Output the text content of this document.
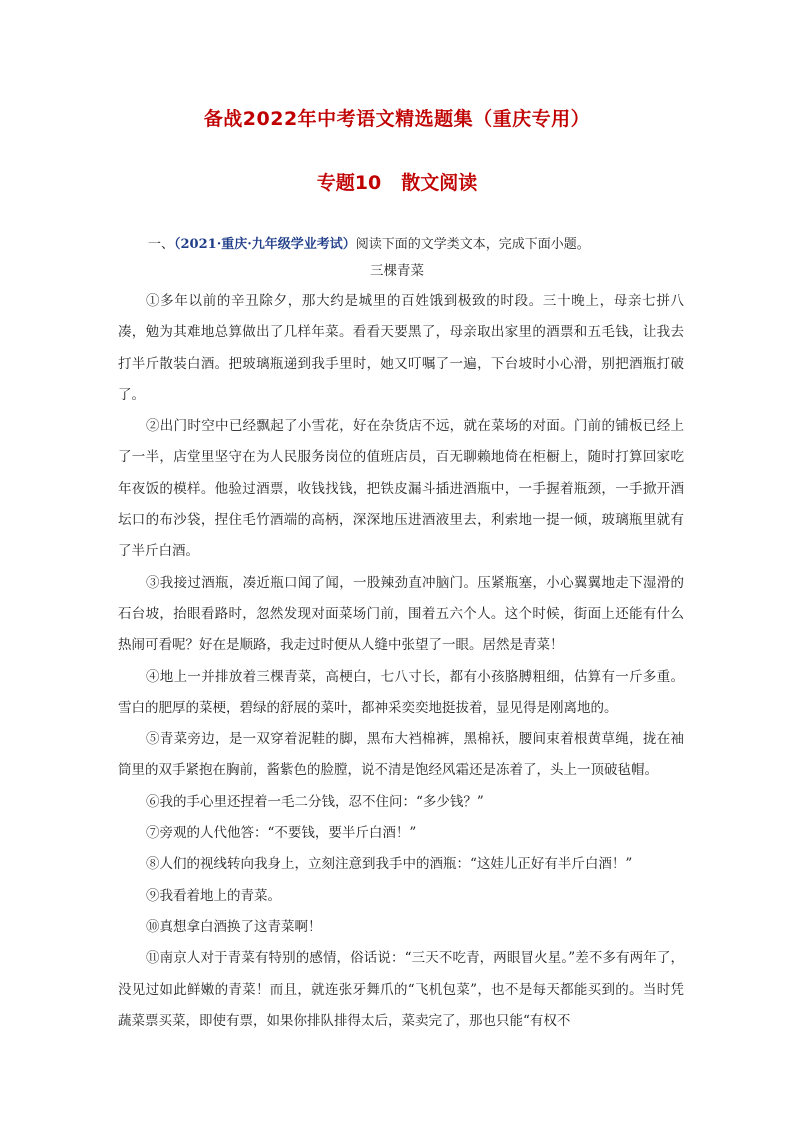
备战2022年中考语文精选题集（重庆专用）
专题10 散文阅读
一、（2021·重庆·九年级学业考试）阅读下面的文学类文本，完成下面小题。
三棵青菜

①多年以前的辛丑除夕，那大约是城里的百姓饿到极致的时段。三十晚上，母亲七拼八凑，勉为其难地总算做出了几样年菜。看看天要黑了，母亲取出家里的酒票和五毛钱，让我去打半斤散装白酒。把玻璃瓶递到我手里时，她又叮嘱了一遍，下台坡时小心滑，别把酒瓶打破了。

②出门时空中已经飘起了小雪花，好在杂货店不远，就在菜场的对面。门前的铺板已经上了一半，店堂里坚守在为人民服务岗位的值班店员，百无聊赖地倚在柜橱上，随时打算回家吃年夜饭的模样。他验过酒票，收钱找钱，把铁皮漏斗插进酒瓶中，一手握着瓶颈，一手掀开酒坛口的布沙袋，捏住毛竹酒端的高柄，深深地压进酒液里去，利索地一提一倾，玻璃瓶里就有了半斤白酒。

③我接过酒瓶，凑近瓶口闻了闻，一股辣劲直冲脑门。压紧瓶塞，小心翼翼地走下湿滑的石台坡，抬眼看路时，忽然发现对面菜场门前，围着五六个人。这个时候，街面上还能有什么热闹可看呢？好在是顺路，我走过时便从人缝中张望了一眼。居然是青菜！

④地上一并排放着三棵青菜，高梗白，七八寸长，都有小孩胳膊粗细，估算有一斤多重。雪白的肥厚的菜梗，碧绿的舒展的菜叶，都神采奕奕地挺拔着，显见得是刚离地的。

⑤青菜旁边，是一双穿着泥鞋的脚，黑布大裆棉裤，黑棉袄，腰间束着根黄草绳，拢在袖筒里的双手紧抱在胸前，酱紫色的脸膛，说不清是饱经风霜还是冻着了，头上一顶破毡帽。

⑥我的手心里还捏着一毛二分钱，忍不住问：“多少钱？”

⑦旁观的人代他答：“不要钱，要半斤白酒！”

⑧人们的视线转向我身上，立刻注意到我手中的酒瓶：“这娃儿正好有半斤白酒！”

⑨我看着地上的青菜。

⑩真想拿白酒换了这青菜啊！

⑪南京人对于青菜有特别的感情，俗话说：“三天不吃青，两眼冒火星。”差不多有两年了，没见过如此鲜嫩的青菜！而且，就连张牙舞爪的“飞机包菜”，也不是每天都能买到的。当时凭蔬菜票买菜，即使有票，如果你排队排得太后，菜卖完了，那也只能“有权不
